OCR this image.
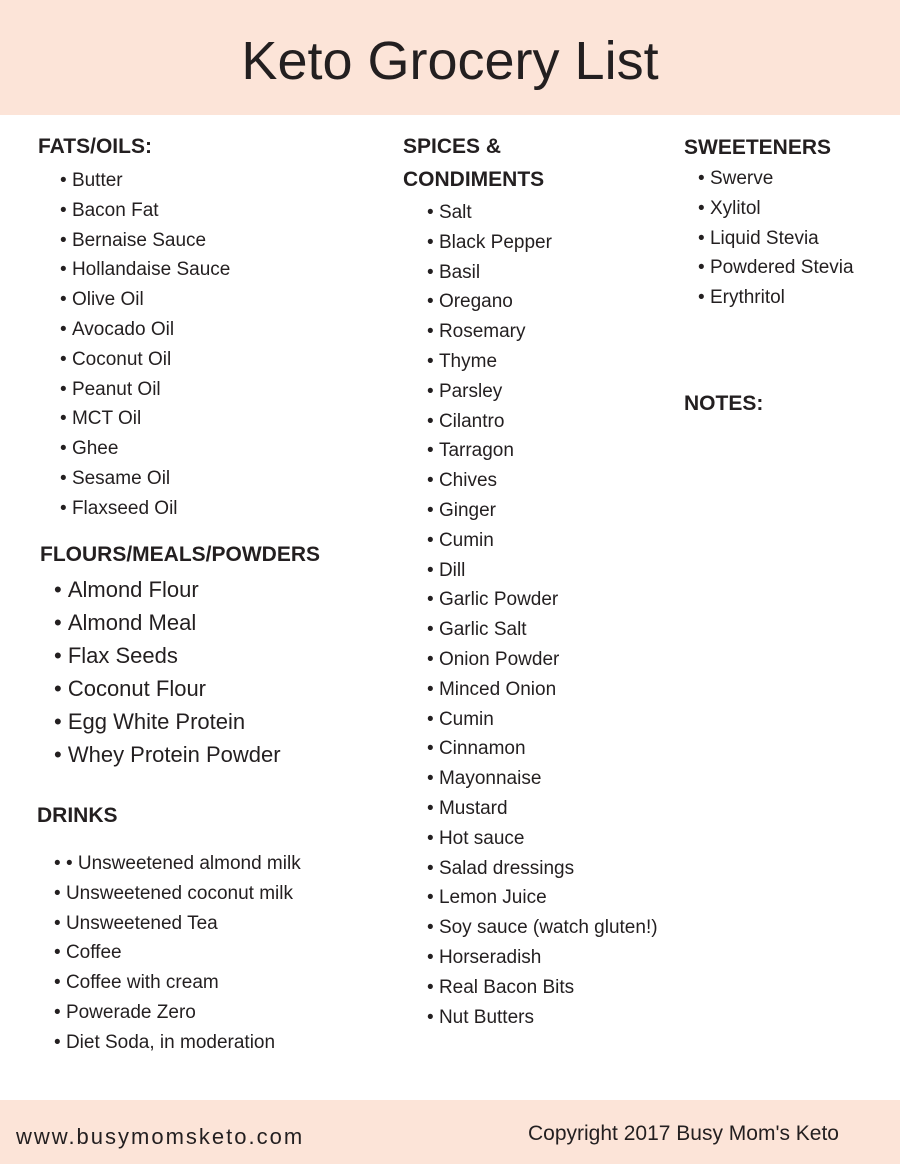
Keto Grocery List
FATS/OILS:
• Butter
• Bacon Fat
• Bernaise Sauce
• Hollandaise Sauce
• Olive Oil
• Avocado Oil
• Coconut Oil
• Peanut Oil
• MCT Oil
• Ghee
• Sesame Oil
• Flaxseed Oil
FLOURS/MEALS/POWDERS
• Almond Flour
• Almond Meal
• Flax Seeds
• Coconut Flour
• Egg White Protein
• Whey Protein Powder
DRINKS
• • Unsweetened almond milk
• Unsweetened coconut milk
• Unsweetened Tea
• Coffee
• Coffee with cream
• Powerade Zero
• Diet Soda, in moderation
SPICES &
CONDIMENTS
• Salt
• Black Pepper
• Basil
• Oregano
• Rosemary
• Thyme
• Parsley
• Cilantro
• Tarragon
• Chives
• Ginger
• Cumin
• Dill
• Garlic Powder
• Garlic Salt
• Onion Powder
• Minced Onion
• Cumin
• Cinnamon
• Mayonnaise
• Mustard
• Hot sauce
• Salad dressings
• Lemon Juice
• Soy sauce (watch gluten!)
• Horseradish
• Real Bacon Bits
• Nut Butters
SWEETENERS
• Swerve
• Xylitol
• Liquid Stevia
• Powdered Stevia
• Erythritol
NOTES:
www.busymomsketo.com	Copyright 2017 Busy Mom's Keto
